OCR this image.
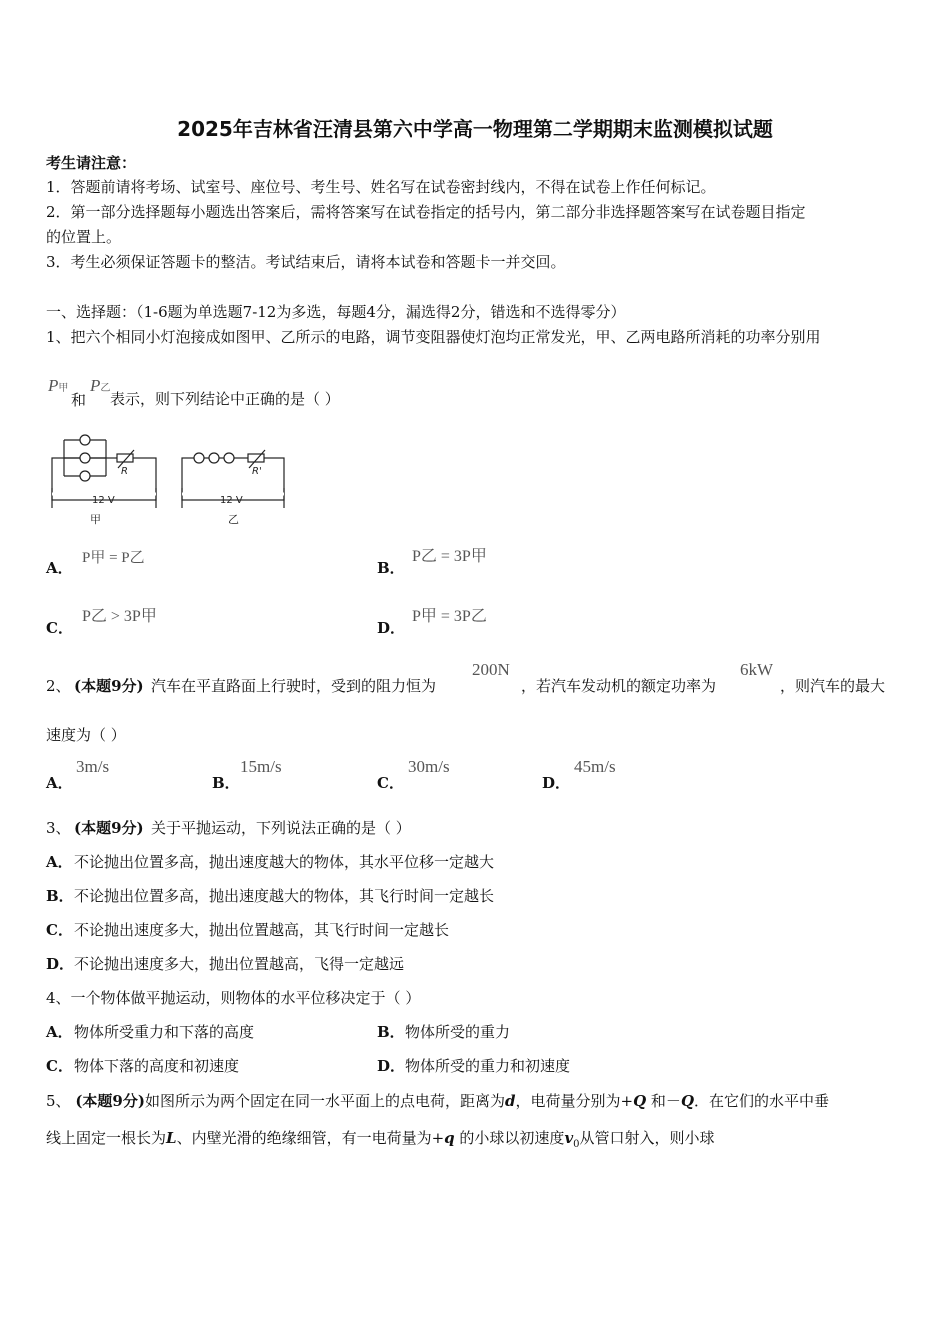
2025年吉林省汪清县第六中学高一物理第二学期期末监测模拟试题
考生请注意：
1．答题前请将考场、试室号、座位号、考生号、姓名写在试卷密封线内，不得在试卷上作任何标记。
2．第一部分选择题每小题选出答案后，需将答案写在试卷指定的括号内，第二部分非选择题答案写在试卷题目指定
的位置上。
3．考生必须保证答题卡的整洁。考试结束后，请将本试卷和答题卡一并交回。
一、选择题：（1-6题为单选题7-12为多选，每题4分，漏选得2分，错选和不选得零分）
1、把六个相同小灯泡接成如图甲、乙所示的电路，调节变阻器使灯泡均正常发光，甲、乙两电路所消耗的功率分别用
P甲
和
P乙
表示，则下列结论中正确的是（ ）
R
12 V
甲
R'
12 V
乙
A．
P甲 = P乙
B．
P乙 = 3P甲
C．
P乙 > 3P甲
D．
P甲 = 3P乙
2、 (本题9分) 汽车在平直路面上行驶时，受到的阻力恒为
200N
，若汽车发动机的额定功率为
6kW
，则汽车的最大
速度为（ ）
A．
3m/s
B．
15m/s
C．
30m/s
D．
45m/s
3、 (本题9分) 关于平抛运动，下列说法正确的是（ ）
A． 不论抛出位置多高，抛出速度越大的物体，其水平位移一定越大
B． 不论抛出位置多高，抛出速度越大的物体，其飞行时间一定越长
C． 不论抛出速度多大，抛出位置越高，其飞行时间一定越长
D． 不论抛出速度多大，抛出位置越高，飞得一定越远
4、一个物体做平抛运动，则物体的水平位移决定于（ ）
A． 物体所受重力和下落的高度	B． 物体所受的重力
C． 物体下落的高度和初速度	D． 物体所受的重力和初速度
5、 (本题9分)如图所示为两个固定在同一水平面上的点电荷，距离为d，电荷量分别为+Q 和－Q．在它们的水平中垂
线上固定一根长为L、内壁光滑的绝缘细管，有一电荷量为+q 的小球以初速度$v_0$从管口射入，则小球
